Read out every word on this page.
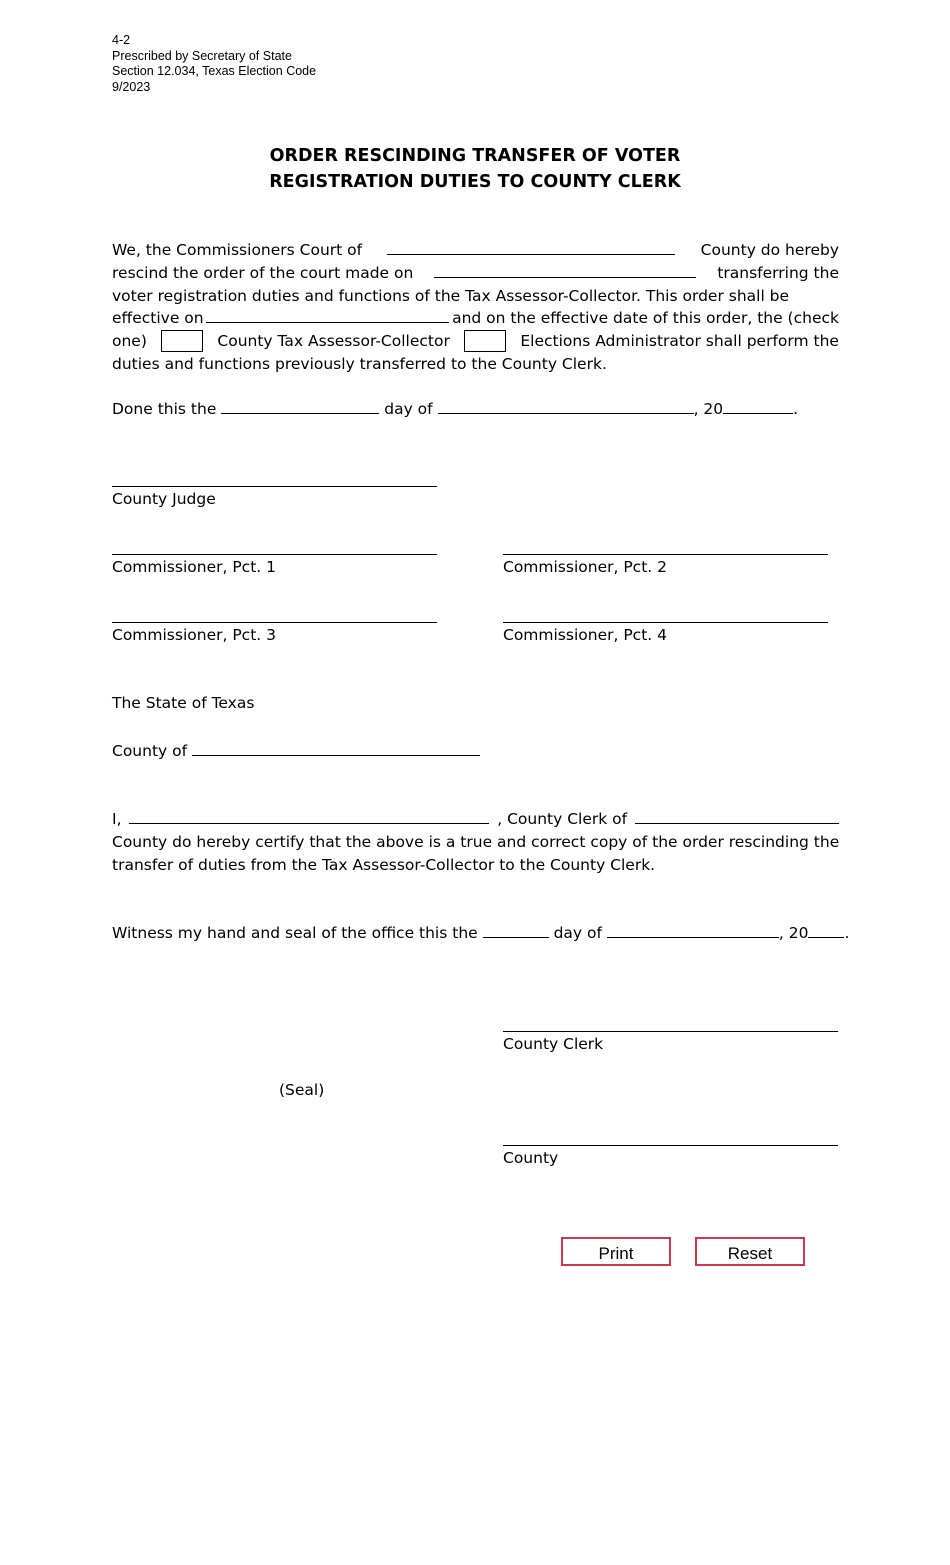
4-2
Prescribed by Secretary of State
Section 12.034, Texas Election Code
9/2023
ORDER RESCINDING TRANSFER OF VOTER
REGISTRATION DUTIES TO COUNTY CLERK
We, the Commissioners Court of	County do hereby
rescind the order of the court made on	transferring the
voter registration duties and functions of the Tax Assessor-Collector. This order shall be
effective on	and on the effective date of this order, the (check
one)	County Tax Assessor-Collector	Elections Administrator shall perform the
duties and functions previously transferred to the County Clerk.
Done this the	day of	, 20	.
County Judge
Commissioner, Pct. 1	Commissioner, Pct. 2
Commissioner, Pct. 3	Commissioner, Pct. 4
The State of Texas
County of
I,	, County Clerk of
County do hereby certify that the above is a true and correct copy of the order rescinding the
transfer of duties from the Tax Assessor-Collector to the County Clerk.
Witness my hand and seal of the office this the	day of	, 20 .
County Clerk
(Seal)
County
Print	Reset
